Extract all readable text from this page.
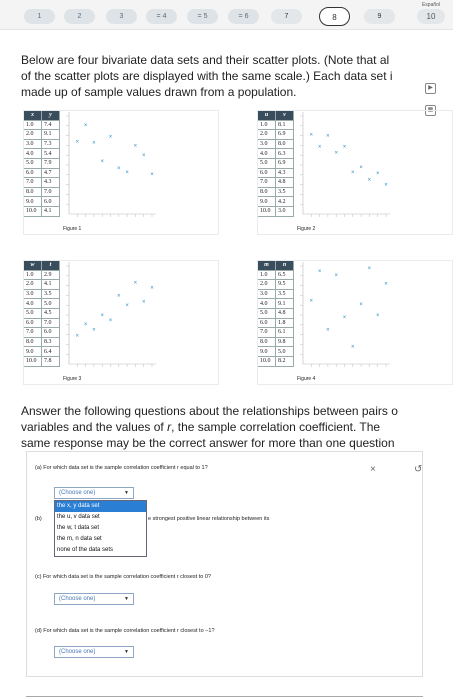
1	2	3	= 4	= 5	= 6	7	8	9
Español
10
Below are four bivariate data sets and their scatter plots. (Note that al
of the scatter plots are displayed with the same scale.) Each data set i
made up of sample values drawn from a population.	▶
▦
x	y
1.0	7.4
2.0	9.1
3.0	7.3
4.0	5.4
5.0	7.9
6.0	4.7
7.0	4.3
8.0	7.0
9.0	6.0
10.0	4.1
×
×
×
×
×
×
×
×
×
×
Figure 1
u	v
1.0	8.1
2.0	6.9
3.0	8.0
4.0	6.3
5.0	6.9
6.0	4.3
7.0	4.8
8.0	3.5
9.0	4.2
10.0	3.0
×
×
×
×
×
×
×
×
×
×
Figure 2
w	t
1.0	2.9
2.0	4.1
3.0	3.5
4.0	5.0
5.0	4.5
6.0	7.0
7.0	6.0
8.0	8.3
9.0	6.4
10.0	7.8
×
×
×
×
×
×
×
×
×
×
Figure 3
m	n
1.0	6.5
2.0	9.5
3.0	3.5
4.0	9.1
5.0	4.8
6.0	1.8
7.0	6.1
8.0	9.8
9.0	5.0
10.0	8.2
×
×
×
×
×
×
×
×
×
×
Figure 4
Answer the following questions about the relationships between pairs o
variables and the values of r, the sample correlation coefficient. The
same response may be the correct answer for more than one question
(a) For which data set is the sample correlation coefficient r equal to 1?
(Choose one)	▼
(b)	e strongest positive linear relationship between its
the x, y data set
the u, v data set
the w, t data set
the m, n data set
none of the data sets
(c) For which data set is the sample correlation coefficient r closest to 0?
(Choose one)	▼
(d) For which data set is the sample correlation coefficient r closest to −1?
(Choose one)	▼
×	↺
